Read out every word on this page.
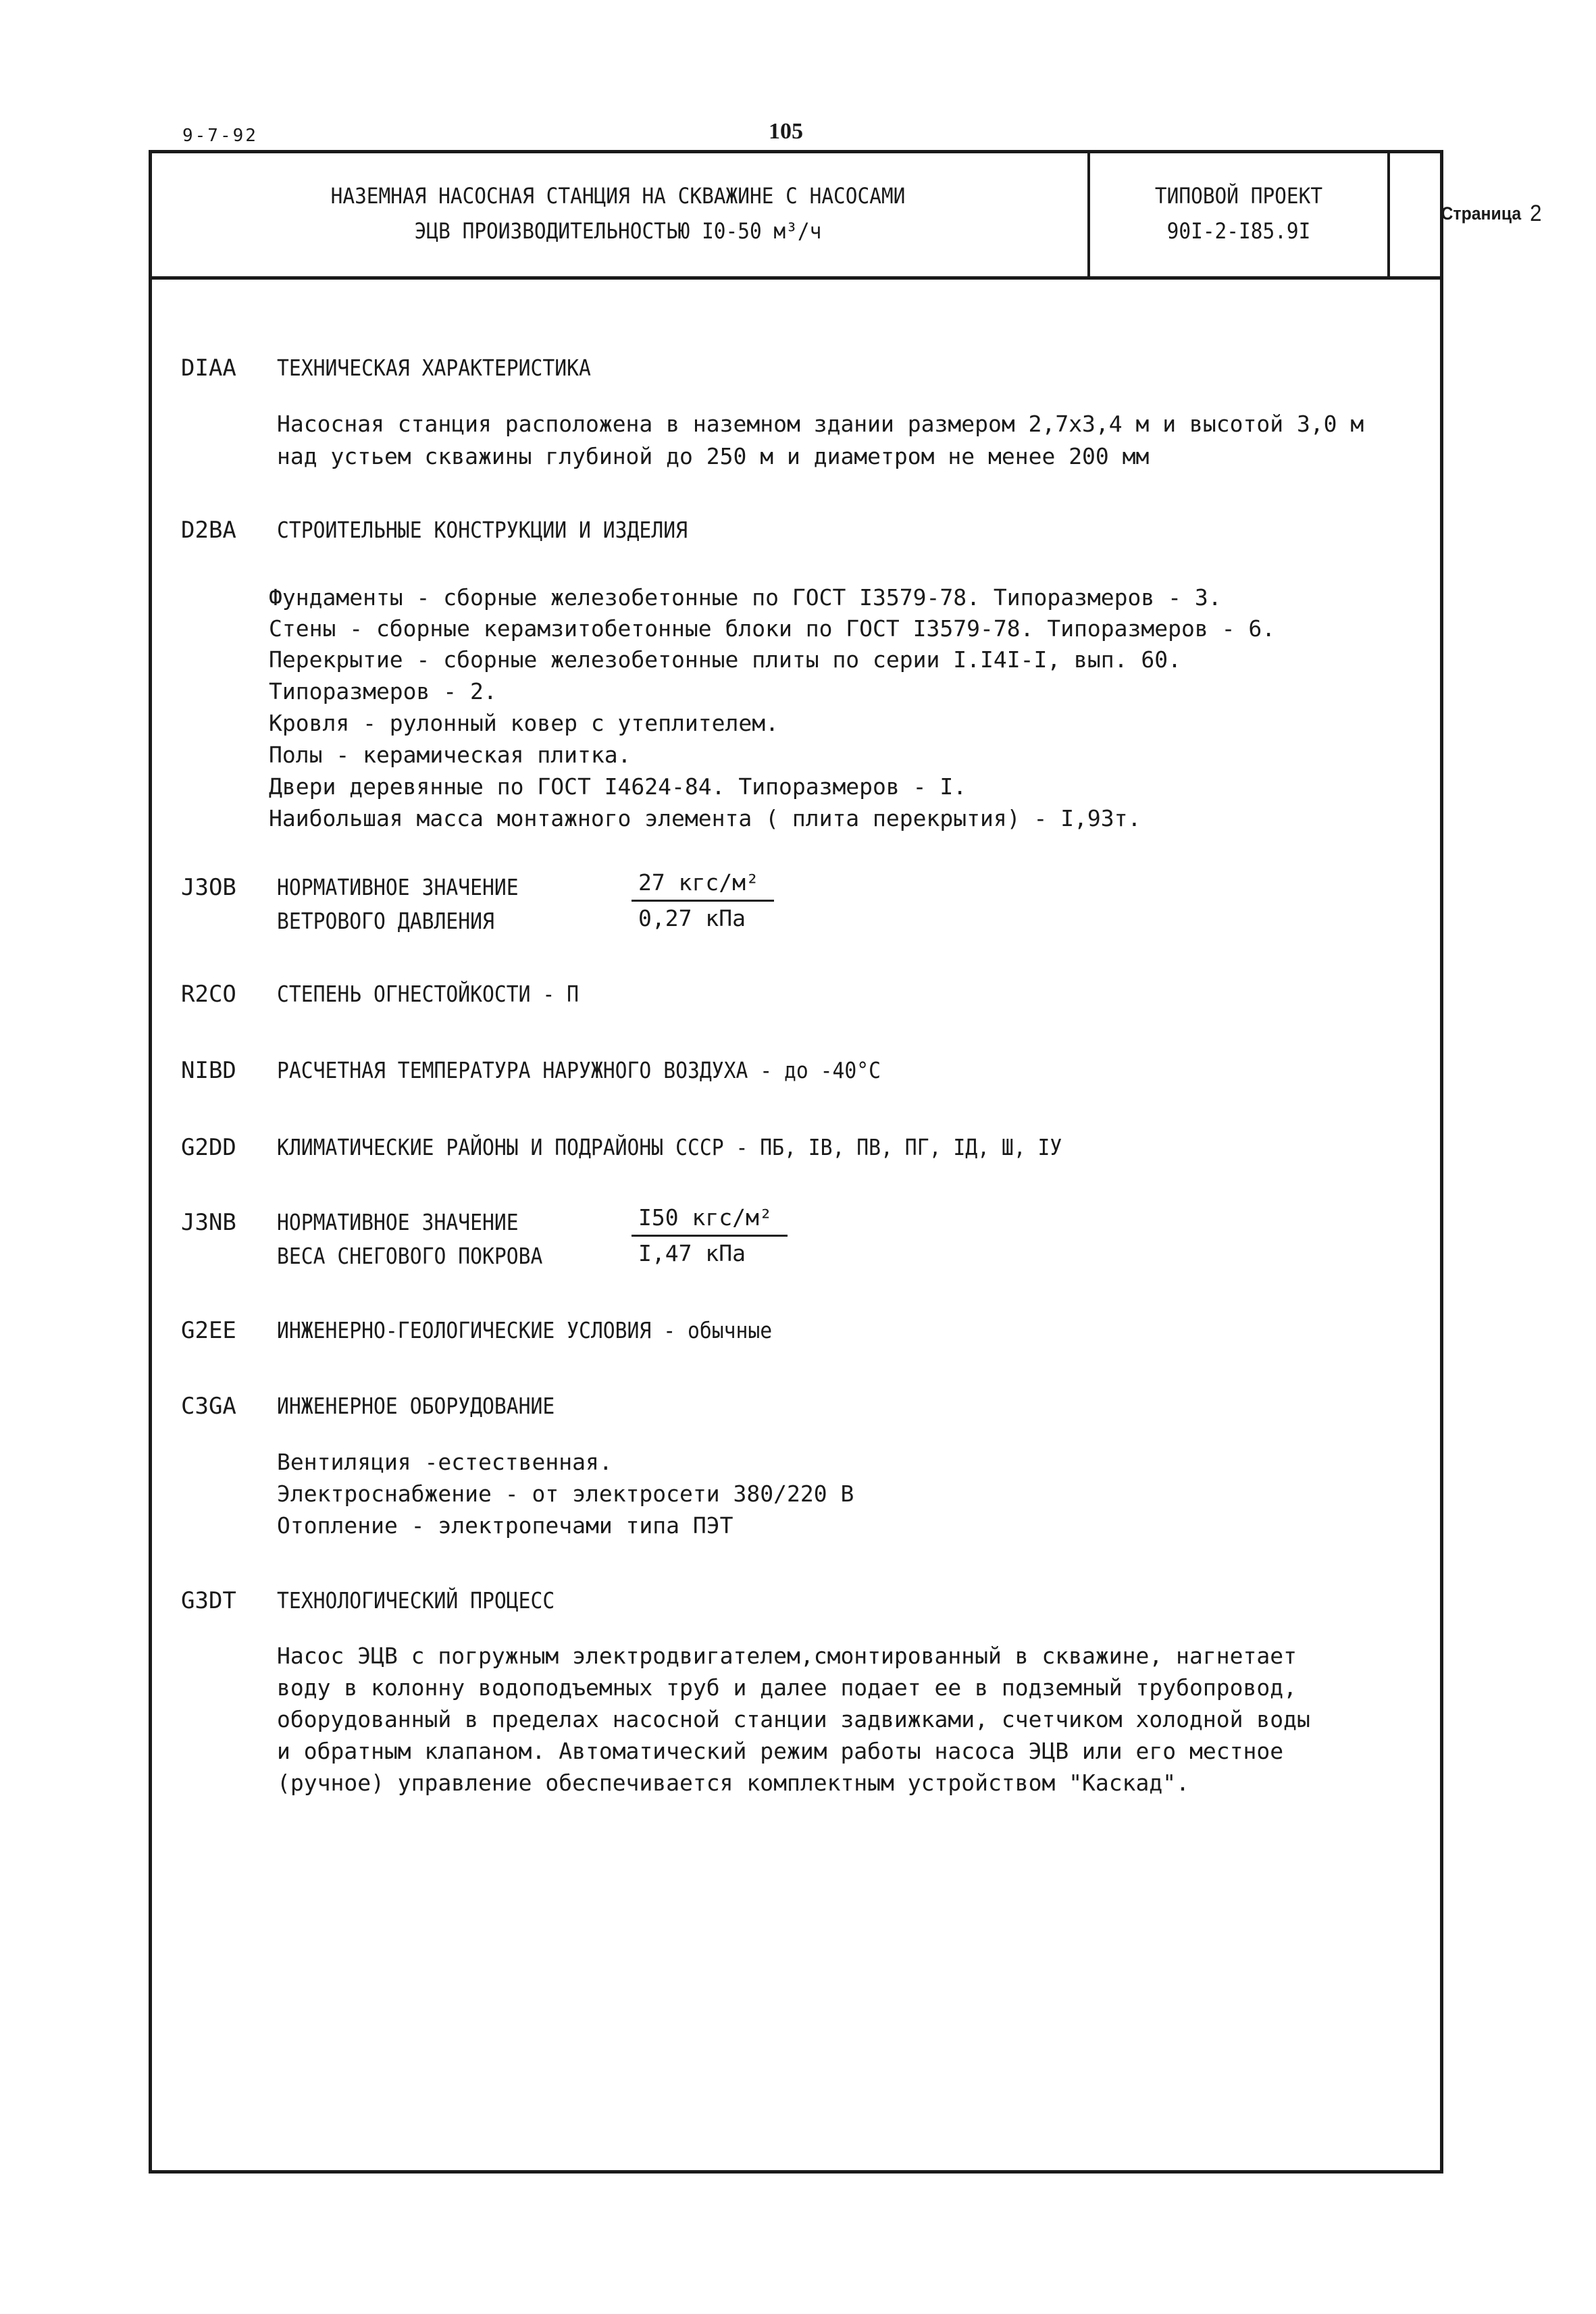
9-7-92	105
НАЗЕМНАЯ НАСОСНАЯ СТАНЦИЯ НА СКВАЖИНЕ С НАСОСАМИ
ЭЦВ ПРОИЗВОДИТЕЛЬНОСТЬЮ I0-50 м³/ч
ТИПОВОЙ ПРОЕКТ
90I-2-I85.9I
Страница 2
DIAA ТЕХНИЧЕСКАЯ ХАРАКТЕРИСТИКА
Насосная станция расположена в наземном здании размером 2,7х3,4 м и высотой 3,0 м
над устьем скважины глубиной до 250 м и диаметром не менее 200 мм
D2BA СТРОИТЕЛЬНЫЕ КОНСТРУКЦИИ И ИЗДЕЛИЯ
Фундаменты - сборные железобетонные по ГОСТ I3579-78. Типоразмеров - 3.
Стены - сборные керамзитобетонные блоки по ГОСТ I3579-78. Типоразмеров - 6.
Перекрытие - сборные железобетонные плиты по серии I.I4I-I, вып. 60.
Типоразмеров - 2.
Кровля - рулонный ковер с утеплителем.
Полы - керамическая плитка.
Двери деревянные по ГОСТ I4624-84. Типоразмеров - I.
Наибольшая масса монтажного элемента ( плита перекрытия) - I,93т.
J3OB НОРМАТИВНОЕ ЗНАЧЕНИЕ
ВЕТРОВОГО ДАВЛЕНИЯ
27 кгс/м²
0,27 кПа
R2CO СТЕПЕНЬ ОГНЕСТОЙКОСТИ - П
NIBD РАСЧЕТНАЯ ТЕМПЕРАТУРА НАРУЖНОГО ВОЗДУХА - до -40°С
G2DD КЛИМАТИЧЕСКИЕ РАЙОНЫ И ПОДРАЙОНЫ СССР - ПБ, IВ, ПВ, ПГ, IД, Ш, IУ
J3NB НОРМАТИВНОЕ ЗНАЧЕНИЕ
ВЕСА СНЕГОВОГО ПОКРОВА
I50 кгс/м²
I,47 кПа
G2EE ИНЖЕНЕРНО-ГЕОЛОГИЧЕСКИЕ УСЛОВИЯ - обычные
C3GA ИНЖЕНЕРНОЕ ОБОРУДОВАНИЕ
Вентиляция -естественная.
Электроснабжение - от электросети 380/220 В
Отопление - электропечами типа ПЭТ
G3DT ТЕХНОЛОГИЧЕСКИЙ ПРОЦЕСС
Насос ЭЦВ с погружным электродвигателем,смонтированный в скважине, нагнетает
воду в колонну водоподъемных труб и далее подает ее в подземный трубопровод,
оборудованный в пределах насосной станции задвижками, счетчиком холодной воды
и обратным клапаном. Автоматический режим работы насоса ЭЦВ или его местное
(ручное) управление обеспечивается комплектным устройством "Каскад".
